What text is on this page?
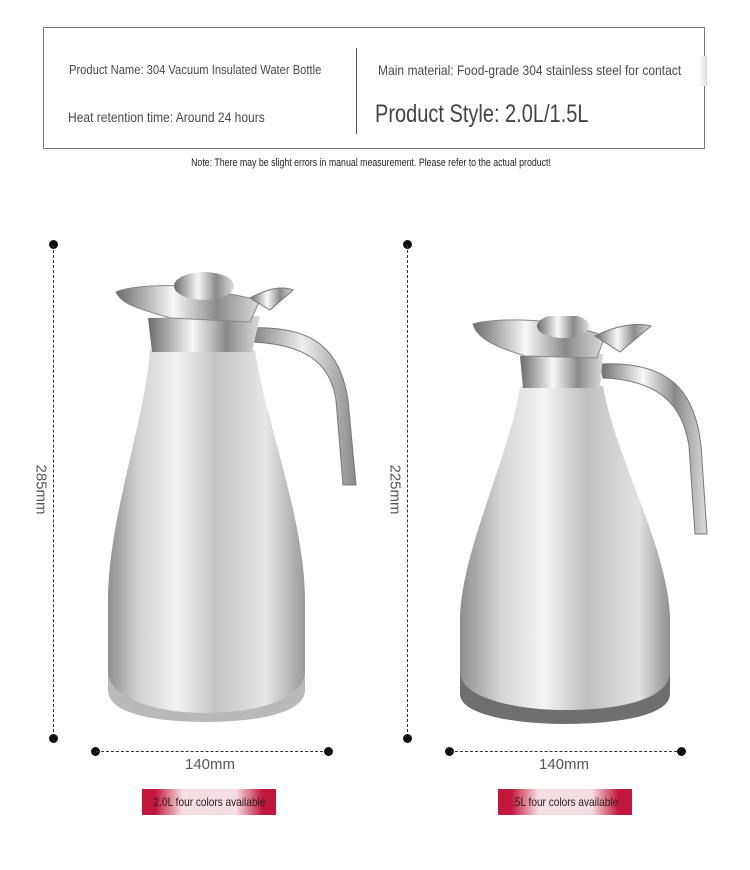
Product Name: 304 Vacuum Insulated Water Bottle	Main material: Food-grade 304 stainless steel for contact
Heat retention time: Around 24 hours	Product Style: 2.0L/1.5L
Note: There may be slight errors in manual measurement. Please refer to the actual product!
285mm
140mm
225mm
140mm
2.0L four colors available	.5L four colors available
